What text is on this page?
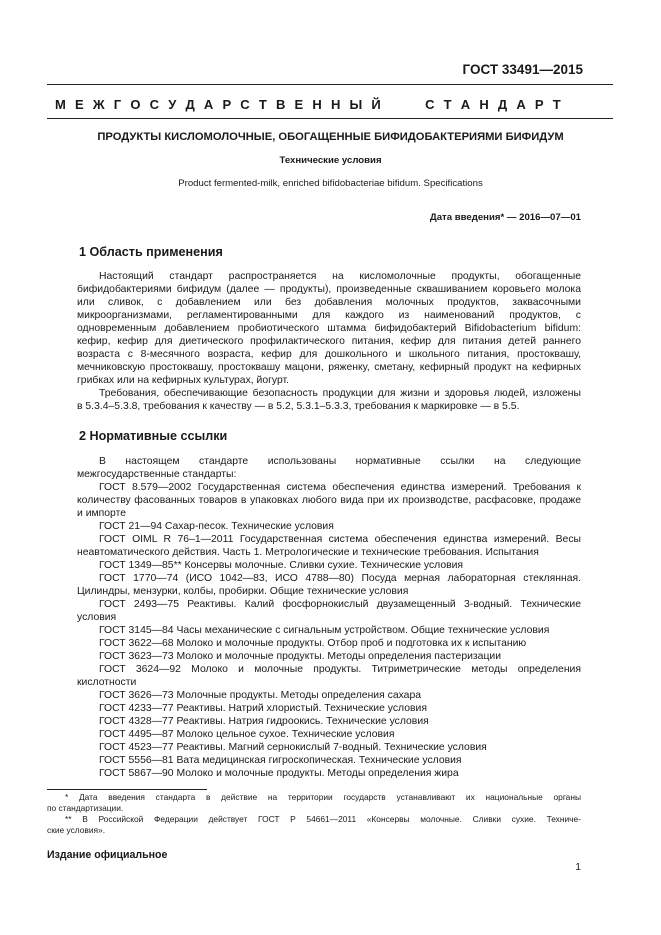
ГОСТ 33491—2015
М Е Ж Г О С У Д А Р С Т В Е Н Н Ы Й	С Т А Н Д А Р Т
ПРОДУКТЫ КИСЛОМОЛОЧНЫЕ, ОБОГАЩЕННЫЕ БИФИДОБАКТЕРИЯМИ БИФИДУМ
Технические условия
Product fermented-milk, enriched bifidobacteriae bifidum. Specifications
Дата введения* — 2016—07—01
1 Область применения
Настоящий стандарт распространяется на кисломолочные продукты, обогащенные
бифидобактериями бифидум (далее — продукты), произведенные сквашиванием коровьего молока
или сливок, с добавлением или без добавления молочных продуктов, заквасочными
микроорганизмами, регламентированными для каждого из наименований продуктов, с
одновременным добавлением пробиотического штамма бифидобактерий Bifidobacterium bifidum:
кефир, кефир для диетического профилактического питания, кефир для питания детей раннего
возраста с 8-месячного возраста, кефир для дошкольного и школьного питания, простоквашу,
мечниковскую простоквашу, простоквашу мацони, ряженку, сметану, кефирный продукт на кефирных
грибках или на кефирных культурах, йогурт.
Требования, обеспечивающие безопасность продукции для жизни и здоровья людей, изложены
в 5.3.4–5.3.8, требования к качеству — в 5.2, 5.3.1–5.3.3, требования к маркировке — в 5.5.
2 Нормативные ссылки
В настоящем стандарте использованы нормативные ссылки на следующие
межгосударственные стандарты:
ГОСТ 8.579—2002 Государственная система обеспечения единства измерений. Требования к
количеству фасованных товаров в упаковках любого вида при их производстве, расфасовке, продаже
и импорте
ГОСТ 21—94 Сахар-песок. Технические условия
ГОСТ OIML R 76–1—2011 Государственная система обеспечения единства измерений. Весы
неавтоматического действия. Часть 1. Метрологические и технические требования. Испытания
ГОСТ 1349—85** Консервы молочные. Сливки сухие. Технические условия
ГОСТ 1770—74 (ИСО 1042—83, ИСО 4788—80) Посуда мерная лабораторная стеклянная.
Цилиндры, мензурки, колбы, пробирки. Общие технические условия
ГОСТ 2493—75 Реактивы. Калий фосфорнокислый двузамещенный 3-водный. Технические
условия
ГОСТ 3145—84 Часы механические с сигнальным устройством. Общие технические условия
ГОСТ 3622—68 Молоко и молочные продукты. Отбор проб и подготовка их к испытанию
ГОСТ 3623—73 Молоко и молочные продукты. Методы определения пастеризации
ГОСТ 3624—92 Молоко и молочные продукты. Титриметрические методы определения
кислотности
ГОСТ 3626—73 Молочные продукты. Методы определения сахара
ГОСТ 4233—77 Реактивы. Натрий хлористый. Технические условия
ГОСТ 4328—77 Реактивы. Натрия гидроокись. Технические условия
ГОСТ 4495—87 Молоко цельное сухое. Технические условия
ГОСТ 4523—77 Реактивы. Магний сернокислый 7-водный. Технические условия
ГОСТ 5556—81 Вата медицинская гигроскопическая. Технические условия
ГОСТ 5867—90 Молоко и молочные продукты. Методы определения жира
* Дата введения стандарта в действие на территории государств устанавливают их национальные органы
по стандартизации.
** В Российской Федерации действует ГОСТ Р 54661—2011 «Консервы молочные. Сливки сухие. Техниче-
ские условия».
Издание официальное
1
